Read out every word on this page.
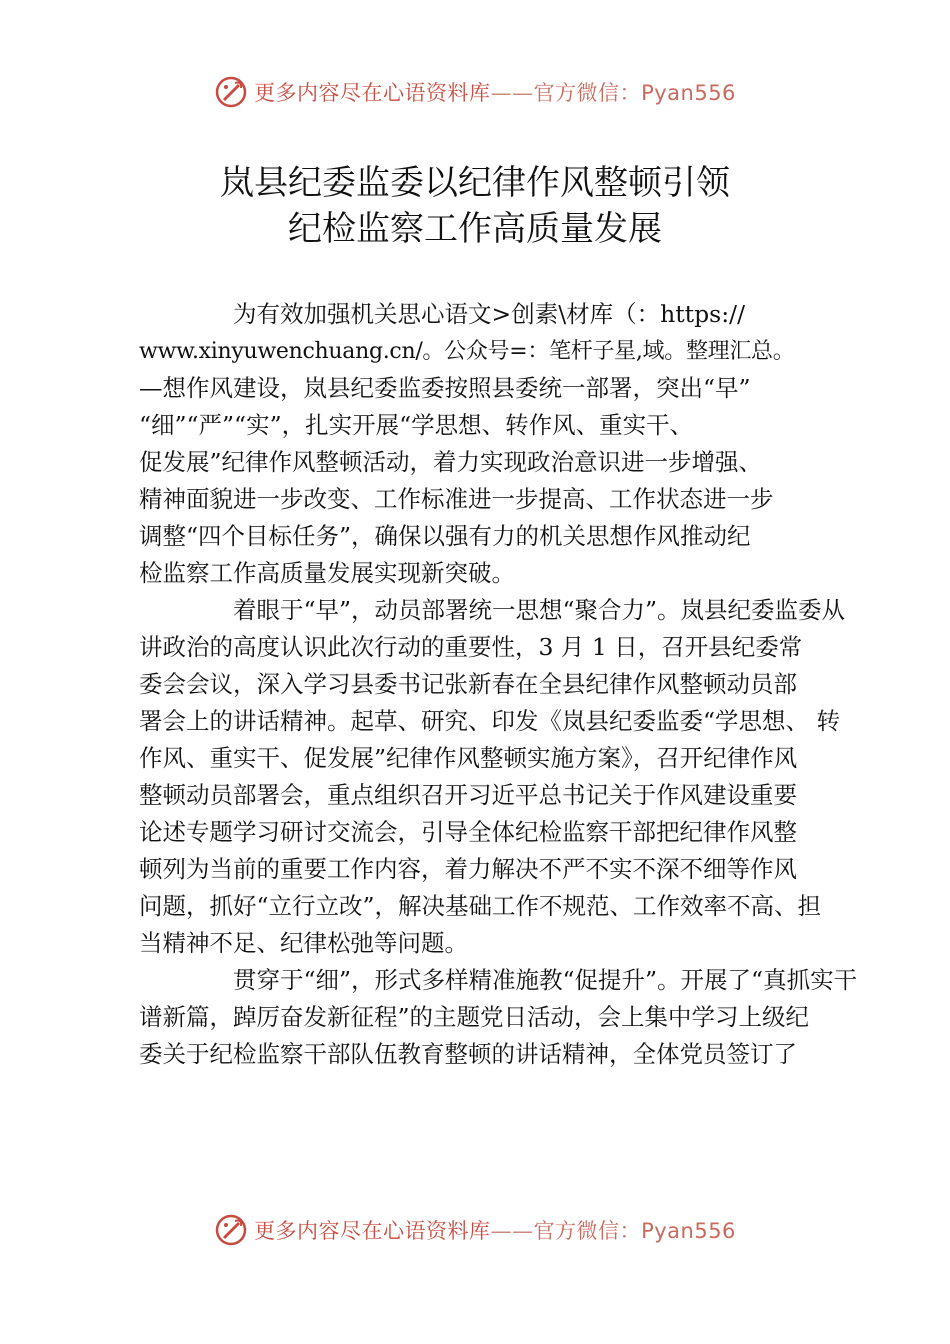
更多内容尽在心语资料库——官方微信：Pyan556
岚县纪委监委以纪律作风整顿引领
纪检监察工作高质量发展

为有效加强机关思心语文>创素\材库（：https://
www.xinyuwenchuang.cn/。公众号=：笔杆子星,域。整理汇总。
—想作风建设，岚县纪委监委按照县委统一部署，突出“早”
“细”“严”“实”，扎实开展“学思想、转作风、重实干、
促发展”纪律作风整顿活动，着力实现政治意识进一步增强、
精神面貌进一步改变、工作标准进一步提高、工作状态进一步
调整“四个目标任务”，确保以强有力的机关思想作风推动纪
检监察工作高质量发展实现新突破。

着眼于“早”，动员部署统一思想“聚合力”。岚县纪委监委从
讲政治的高度认识此次行动的重要性，3 月 1 日，召开县纪委常
委会会议，深入学习县委书记张新春在全县纪律作风整顿动员部
署会上的讲话精神。起草、研究、印发《岚县纪委监委“学思想、 转
作风、重实干、促发展”纪律作风整顿实施方案》，召开纪律作风
整顿动员部署会，重点组织召开习近平总书记关于作风建设重要
论述专题学习研讨交流会，引导全体纪检监察干部把纪律作风整
顿列为当前的重要工作内容，着力解决不严不实不深不细等作风
问题，抓好“立行立改”，解决基础工作不规范、工作效率不高、担
当精神不足、纪律松弛等问题。

贯穿于“细”，形式多样精准施教“促提升”。开展了“真抓实干
谱新篇，踔厉奋发新征程”的主题党日活动，会上集中学习上级纪
委关于纪检监察干部队伍教育整顿的讲话精神，全体党员签订了

更多内容尽在心语资料库——官方微信：Pyan556
